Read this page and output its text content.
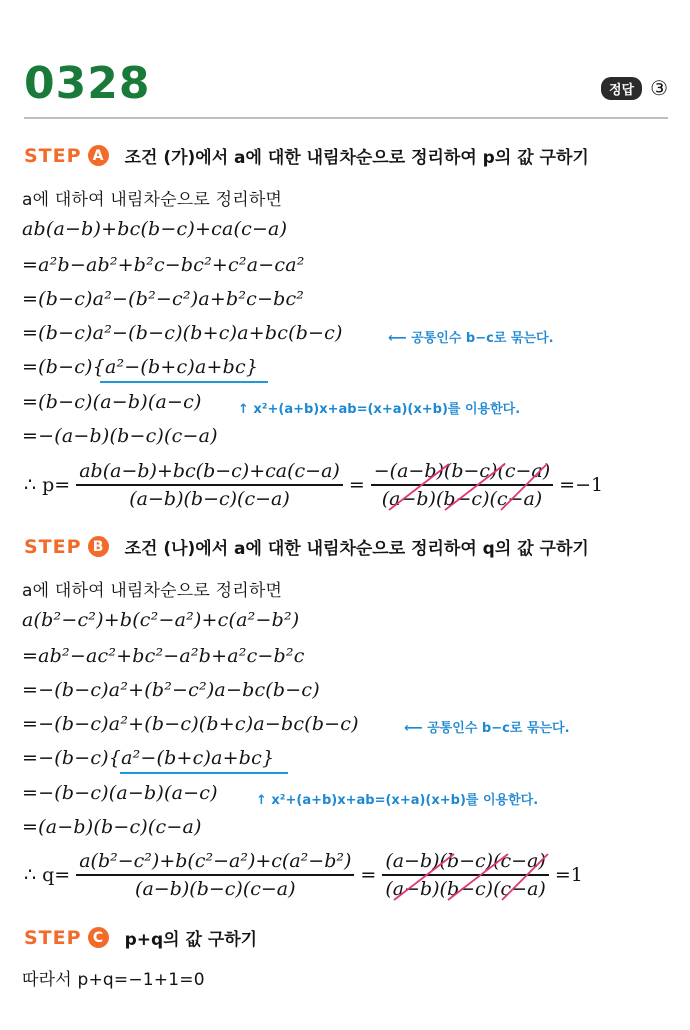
0328	정답 ③
STEP A 조건 (가)에서 a에 대한 내림차순으로 정리하여 p의 값 구하기
a에 대하여 내림차순으로 정리하면
ab(a−b)+bc(b−c)+ca(c−a)
=a²b−ab²+b²c−bc²+c²a−ca²
=(b−c)a²−(b²−c²)a+b²c−bc²
=(b−c)a²−(b−c)(b+c)a+bc(b−c)	⟵ 공통인수 b−c로 묶는다.
=(b−c){a²−(b+c)a+bc}
=(b−c)(a−b)(a−c)	↑ x²+(a+b)x+ab=(x+a)(x+b)를 이용한다.
=−(a−b)(b−c)(c−a)
∴ $p= \frac{ab(a-b)+bc(b-c)+ca(c-a)}{(a-b)(b-c)(c-a)} = \frac{-(a-b)(b-c)(c-a)}{(a-b)(b-c)(c-a)} =-1$
STEP B	조건 (나)에서 a에 대한 내림차순으로 정리하여 q의 값 구하기
a에 대하여 내림차순으로 정리하면
a(b²−c²)+b(c²−a²)+c(a²−b²)
=ab²−ac²+bc²−a²b+a²c−b²c
=−(b−c)a²+(b²−c²)a−bc(b−c)
=−(b−c)a²+(b−c)(b+c)a−bc(b−c)	⟵ 공통인수 b−c로 묶는다.
=−(b−c){a²−(b+c)a+bc}
=−(b−c)(a−b)(a−c)	↑ x²+(a+b)x+ab=(x+a)(x+b)를 이용한다.
=(a−b)(b−c)(c−a)
∴ $q= \frac{\text{a(b²−c²)+b(c²−a²)+c(a²−b²)}}{(a-b)(b-c)(c-a)} = \frac{(a-b)(b-c)(c-a)}{(a-b)(b-c)(c-a)} =1$
STEP C	p+q의 값 구하기
따라서 p+q=−1+1=0
